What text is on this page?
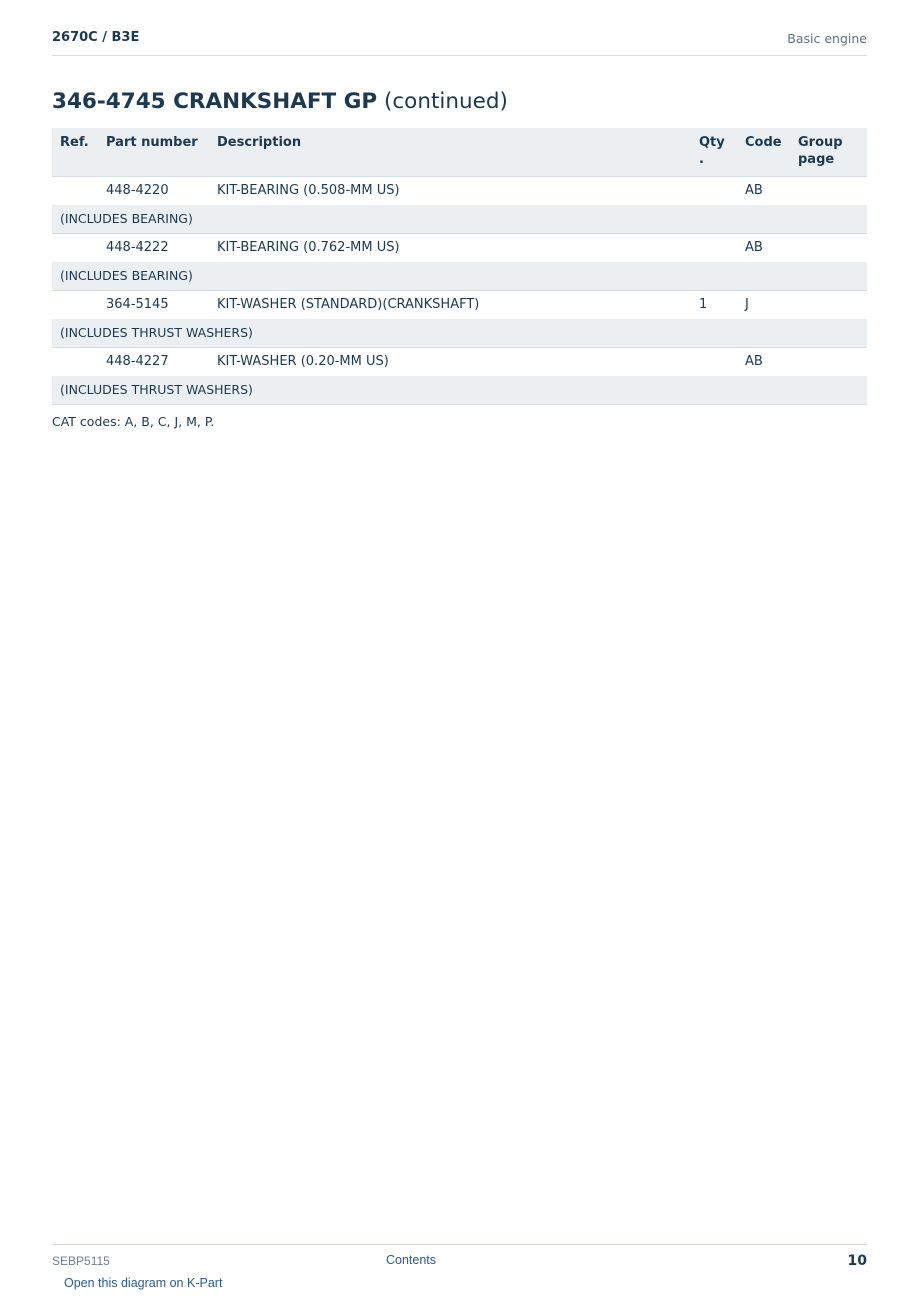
2670C / B3E	Basic engine
346-4745 CRANKSHAFT GP (continued)
Ref.	Part number	Description	Qty .	Code	Group page
	448-4220	KIT-BEARING (0.508-MM US)		AB	
(INCLUDES BEARING)					
	448-4222	KIT-BEARING (0.762-MM US)		AB	
(INCLUDES BEARING)					
	364-5145	KIT-WASHER (STANDARD)(CRANKSHAFT)	1	J	
(INCLUDES THRUST WASHERS)					
	448-4227	KIT-WASHER (0.20-MM US)		AB	
(INCLUDES THRUST WASHERS)					
CAT codes: A, B, C, J, M, P.
SEBP5115	Contents	10
Open this diagram on K-Part
